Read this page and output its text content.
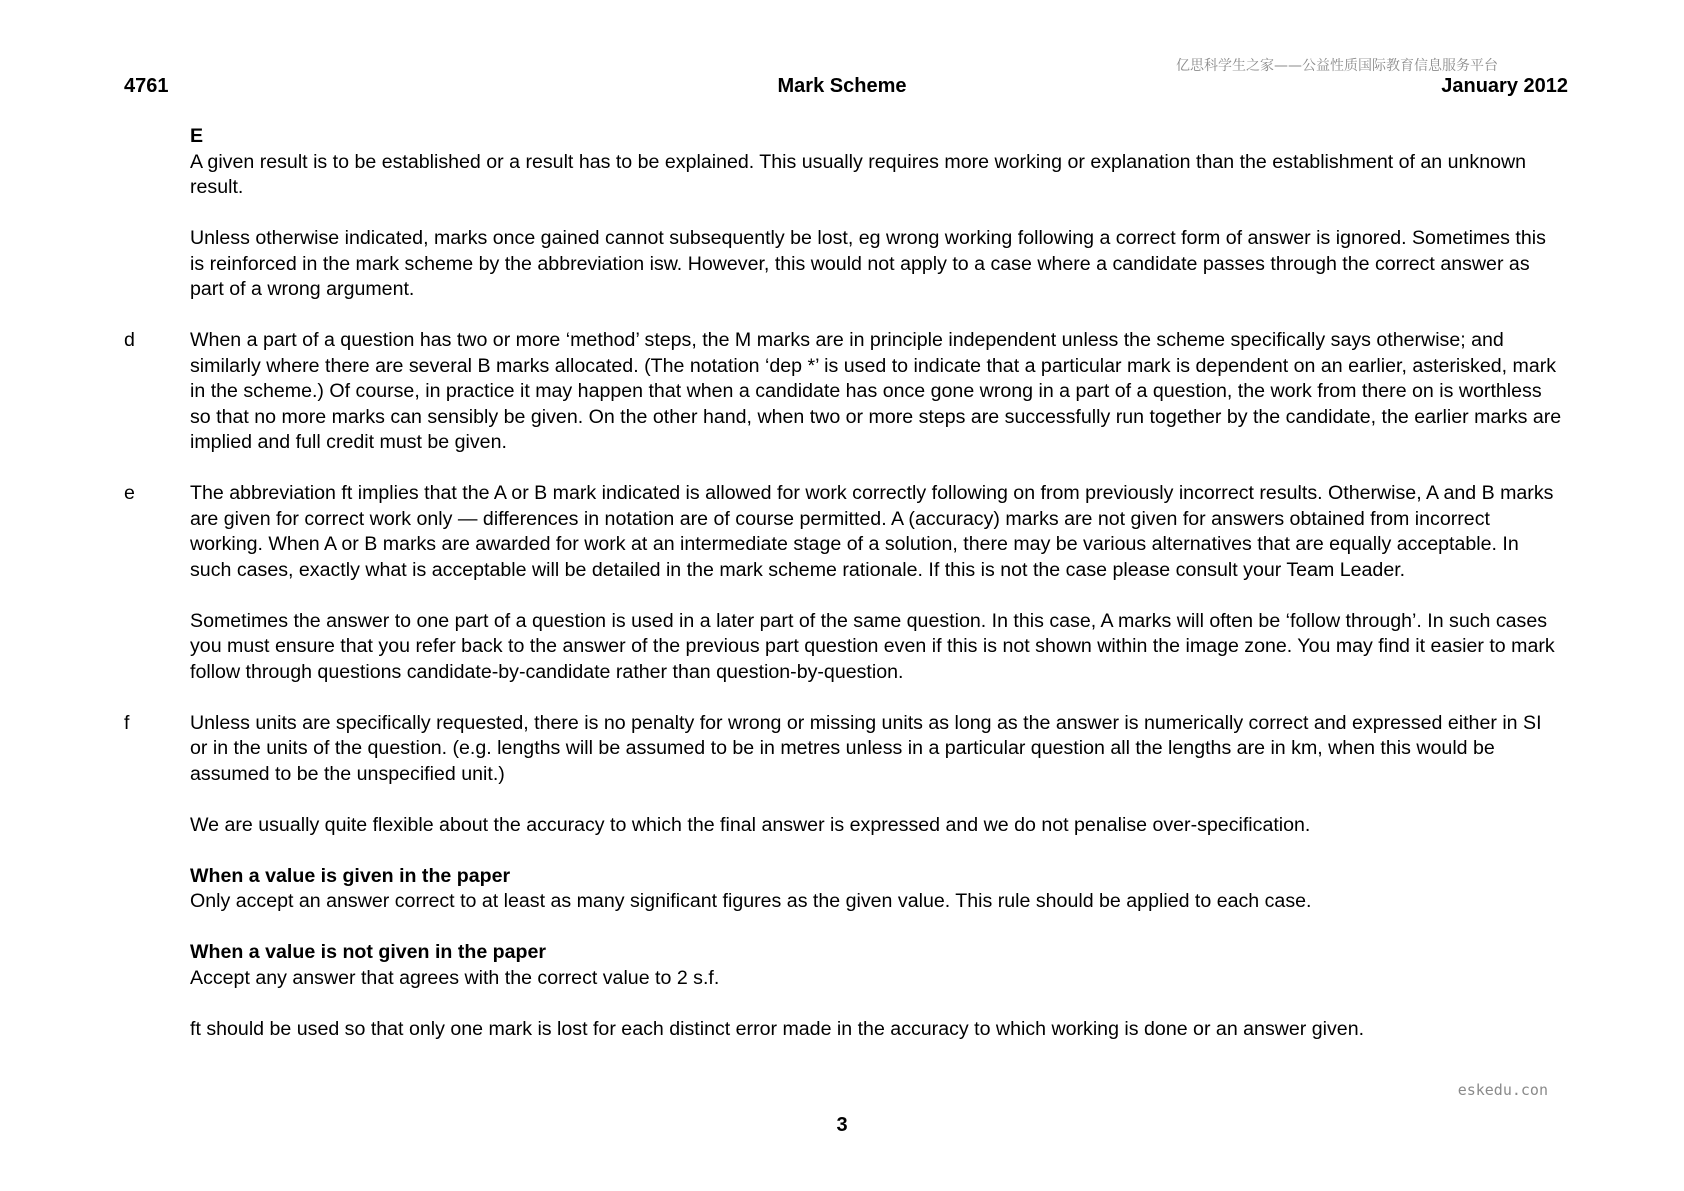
亿思科学生之家——公益性质国际教育信息服务平台
4761	Mark Scheme	January 2012

E

A given result is to be established or a result has to be explained. This usually requires more working or explanation than the establishment of an unknown result.

Unless otherwise indicated, marks once gained cannot subsequently be lost, eg wrong working following a correct form of answer is ignored. Sometimes this is reinforced in the mark scheme by the abbreviation isw. However, this would not apply to a case where a candidate passes through the correct answer as part of a wrong argument.

d	When a part of a question has two or more ‘method’ steps, the M marks are in principle independent unless the scheme specifically says otherwise; and similarly where there are several B marks allocated. (The notation ‘dep *’ is used to indicate that a particular mark is dependent on an earlier, asterisked, mark in the scheme.) Of course, in practice it may happen that when a candidate has once gone wrong in a part of a question, the work from there on is worthless so that no more marks can sensibly be given. On the other hand, when two or more steps are successfully run together by the candidate, the earlier marks are implied and full credit must be given.

e	The abbreviation ft implies that the A or B mark indicated is allowed for work correctly following on from previously incorrect results. Otherwise, A and B marks are given for correct work only — differences in notation are of course permitted. A (accuracy) marks are not given for answers obtained from incorrect working. When A or B marks are awarded for work at an intermediate stage of a solution, there may be various alternatives that are equally acceptable. In such cases, exactly what is acceptable will be detailed in the mark scheme rationale. If this is not the case please consult your Team Leader.

Sometimes the answer to one part of a question is used in a later part of the same question. In this case, A marks will often be ‘follow through’. In such cases you must ensure that you refer back to the answer of the previous part question even if this is not shown within the image zone. You may find it easier to mark follow through questions candidate-by-candidate rather than question-by-question.

f	Unless units are specifically requested, there is no penalty for wrong or missing units as long as the answer is numerically correct and expressed either in SI or in the units of the question. (e.g. lengths will be assumed to be in metres unless in a particular question all the lengths are in km, when this would be assumed to be the unspecified unit.)

We are usually quite flexible about the accuracy to which the final answer is expressed and we do not penalise over-specification.

When a value is given in the paper

Only accept an answer correct to at least as many significant figures as the given value. This rule should be applied to each case.

When a value is not given in the paper

Accept any answer that agrees with the correct value to 2 s.f.

ft should be used so that only one mark is lost for each distinct error made in the accuracy to which working is done or an answer given.

eskedu.con
3
